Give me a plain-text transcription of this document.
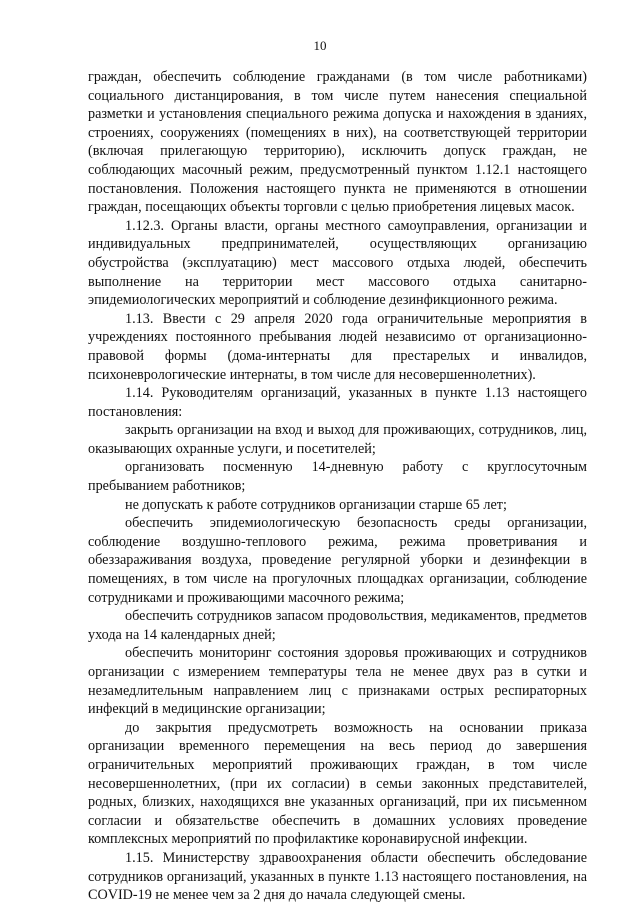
10

граждан, обеспечить соблюдение гражданами (в том числе работниками) социального дистанцирования, в том числе путем нанесения специальной разметки и установления специального режима допуска и нахождения в зданиях, строениях, сооружениях (помещениях в них), на соответствующей территории (включая прилегающую территорию), исключить допуск граждан, не соблюдающих масочный режим, предусмотренный пунктом 1.12.1 настоящего постановления. Положения настоящего пункта не применяются в отношении граждан, посещающих объекты торговли с целью приобретения лицевых масок.

1.12.3. Органы власти, органы местного самоуправления, организации и индивидуальных предпринимателей, осуществляющих организацию обустройства (эксплуатацию) мест массового отдыха людей, обеспечить выполнение на территории мест массового отдыха санитарно-эпидемиологических мероприятий и соблюдение дезинфикционного режима.

1.13. Ввести с 29 апреля 2020 года ограничительные мероприятия в учреждениях постоянного пребывания людей независимо от организационно-правовой формы (дома-интернаты для престарелых и инвалидов, психоневрологические интернаты, в том числе для несовершеннолетних).

1.14. Руководителям организаций, указанных в пункте 1.13 настоящего постановления:

закрыть организации на вход и выход для проживающих, сотрудников, лиц, оказывающих охранные услуги, и посетителей;

организовать посменную 14-дневную работу с круглосуточным пребыванием работников;

не допускать к работе сотрудников организации старше 65 лет;

обеспечить эпидемиологическую безопасность среды организации, соблюдение воздушно-теплового режима, режима проветривания и обеззараживания воздуха, проведение регулярной уборки и дезинфекции в помещениях, в том числе на прогулочных площадках организации, соблюдение сотрудниками и проживающими масочного режима;

обеспечить сотрудников запасом продовольствия, медикаментов, предметов ухода на 14 календарных дней;

обеспечить мониторинг состояния здоровья проживающих и сотрудников организации с измерением температуры тела не менее двух раз в сутки и незамедлительным направлением лиц с признаками острых респираторных инфекций в медицинские организации;

до закрытия предусмотреть возможность на основании приказа организации временного перемещения на весь период до завершения ограничительных мероприятий проживающих граждан, в том числе несовершеннолетних, (при их согласии) в семьи законных представителей, родных, близких, находящихся вне указанных организаций, при их письменном согласии и обязательстве обеспечить в домашних условиях проведение комплексных мероприятий по профилактике коронавирусной инфекции.

1.15. Министерству здравоохранения области обеспечить обследование сотрудников организаций, указанных в пункте 1.13 настоящего постановления, на COVID-19 не менее чем за 2 дня до начала следующей смены.
